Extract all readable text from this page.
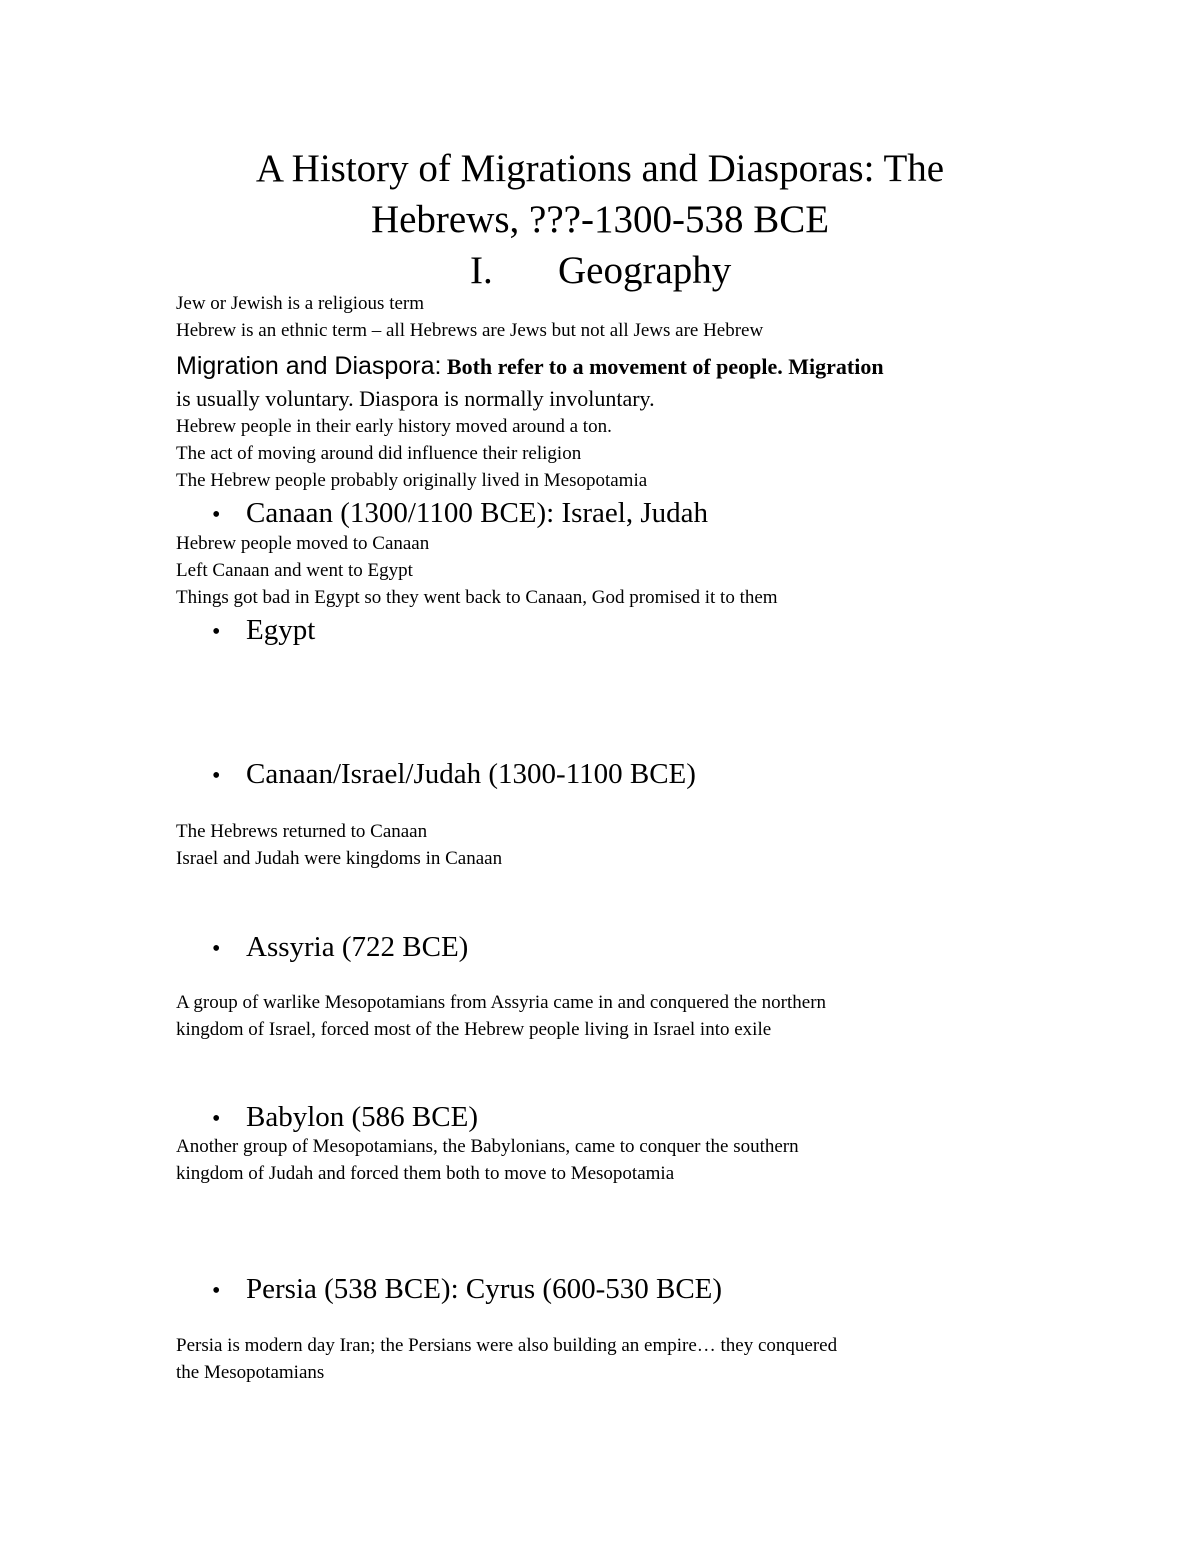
A History of Migrations and Diasporas: The
Hebrews, ???-1300-538 BCE
I. Geography

Jew or Jewish is a religious term

Hebrew is an ethnic term – all Hebrews are Jews but not all Jews are Hebrew

Migration and Diaspora: Both refer to a movement of people. Migration

is usually voluntary. Diaspora is normally involuntary.

Hebrew people in their early history moved around a ton.

The act of moving around did influence their religion

The Hebrew people probably originally lived in Mesopotamia

• Canaan (1300/1100 BCE): Israel, Judah

Hebrew people moved to Canaan

Left Canaan and went to Egypt

Things got bad in Egypt so they went back to Canaan, God promised it to them

• Egypt

• Canaan/Israel/Judah (1300-1100 BCE)

The Hebrews returned to Canaan

Israel and Judah were kingdoms in Canaan

• Assyria (722 BCE)

A group of warlike Mesopotamians from Assyria came in and conquered the northern

kingdom of Israel, forced most of the Hebrew people living in Israel into exile

• Babylon (586 BCE)

Another group of Mesopotamians, the Babylonians, came to conquer the southern

kingdom of Judah and forced them both to move to Mesopotamia

• Persia (538 BCE): Cyrus (600-530 BCE)

Persia is modern day Iran; the Persians were also building an empire… they conquered

the Mesopotamians
